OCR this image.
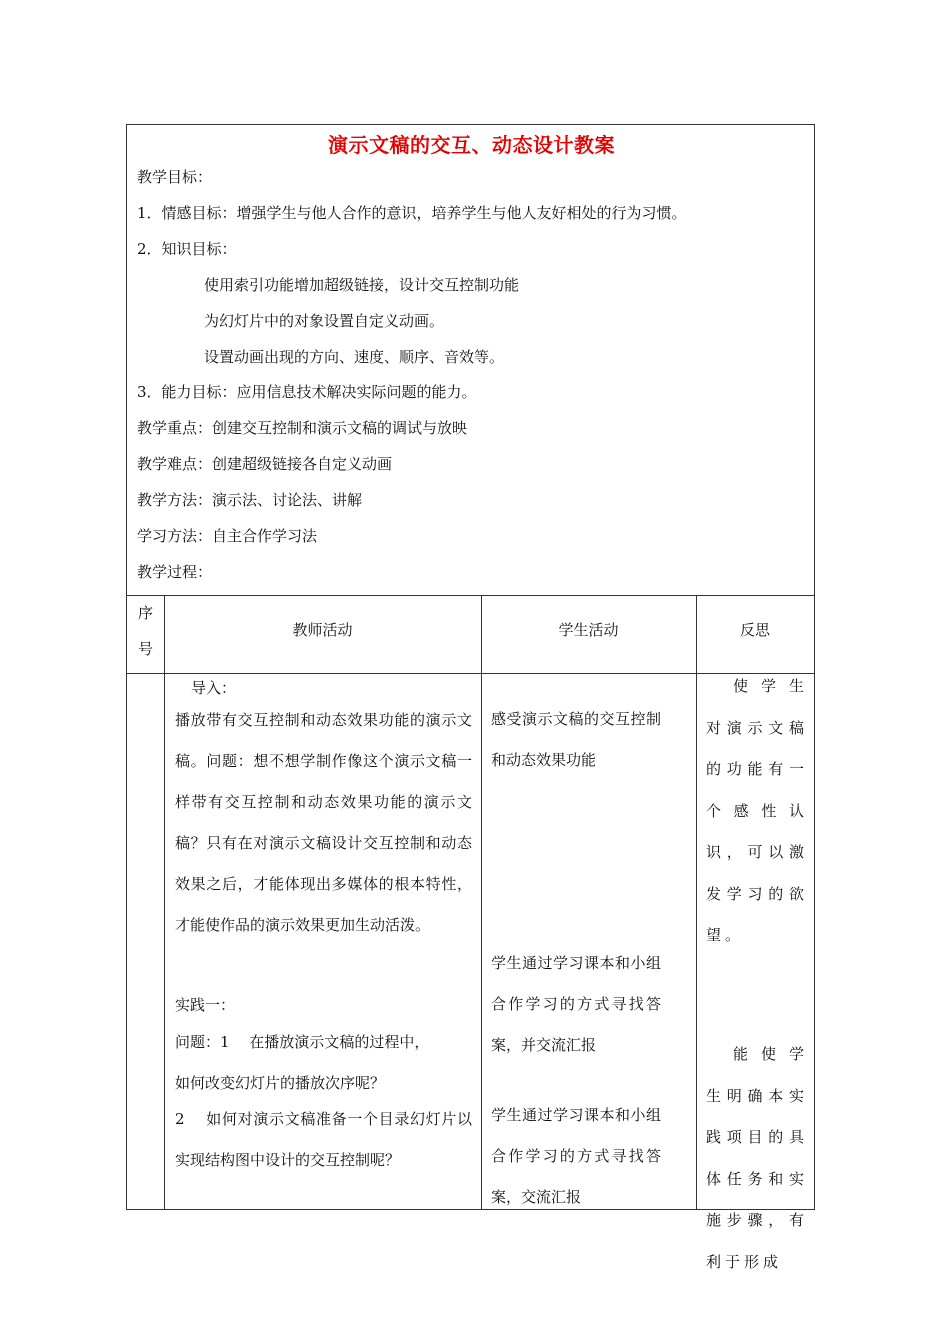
演示文稿的交互、动态设计教案
教学目标：
1．情感目标：增强学生与他人合作的意识，培养学生与他人友好相处的行为习惯。
2．知识目标：
使用索引功能增加超级链接，设计交互控制功能
为幻灯片中的对象设置自定义动画。
设置动画出现的方向、速度、顺序、音效等。
3．能力目标：应用信息技术解决实际问题的能力。
教学重点：创建交互控制和演示文稿的调试与放映
教学难点：创建超级链接各自定义动画
教学方法：演示法、讨论法、讲解
学习方法：自主合作学习法
教学过程：
序
号
教师活动	学生活动	反思
导入：
播放带有交互控制和动态效果功能的演示文稿。问题：想不想学制作像这个演示文稿一样带有交互控制和动态效果功能的演示文稿？只有在对演示文稿设计交互控制和动态效果之后，才能体现出多媒体的根本特性，才能使作品的演示效果更加生动活泼。
实践一：
问题：1　 在播放演示文稿的过程中，
如何改变幻灯片的播放次序呢？
2　 如何对演示文稿准备一个目录幻灯片以实现结构图中设计的交互控制呢？
感受演示文稿的交互控制和动态效果功能
学生通过学习课本和小组合作学习的方式寻找答案，并交流汇报
学生通过学习课本和小组合作学习的方式寻找答案，交流汇报
使学生对演示文稿的功能有一个感性认识，可以激发学习的欲望。
能使学生明确本实践项目的具体任务和实施步骤，有利于形成
